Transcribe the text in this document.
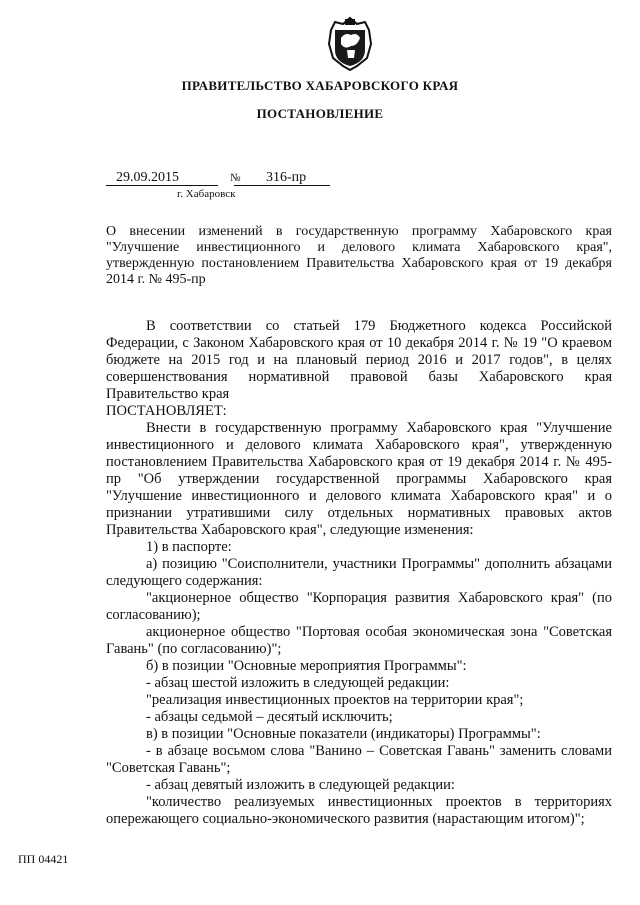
ПРАВИТЕЛЬСТВО ХАБАРОВСКОГО КРАЯ
ПОСТАНОВЛЕНИЕ
29.09.2015	№ 316-пр
г. Хабаровск
О внесении изменений в государственную программу Хабаровского края "Улучшение инвестиционного и делового климата Хабаровского края", утвержденную постановлением Правительства Хабаровского края от 19 декабря 2014 г. № 495-пр

В соответствии со статьей 179 Бюджетного кодекса Российской Федерации, с Законом Хабаровского края от 10 декабря 2014 г. № 19 "О краевом бюджете на 2015 год и на плановый период 2016 и 2017 годов", в целях совершенствования нормативной правовой базы Хабаровского края Правительство края

ПОСТАНОВЛЯЕТ:

Внести в государственную программу Хабаровского края "Улучшение инвестиционного и делового климата Хабаровского края", утвержденную постановлением Правительства Хабаровского края от 19 декабря 2014 г. № 495-пр "Об утверждении государственной программы Хабаровского края "Улучшение инвестиционного и делового климата Хабаровского края" и о признании утратившими силу отдельных нормативных правовых актов Правительства Хабаровского края", следующие изменения:

1) в паспорте:

а) позицию "Соисполнители, участники Программы" дополнить абзацами следующего содержания:

"акционерное общество "Корпорация развития Хабаровского края" (по согласованию);

акционерное общество "Портовая особая экономическая зона "Советская Гавань" (по согласованию)";

б) в позиции "Основные мероприятия Программы":

- абзац шестой изложить в следующей редакции:

"реализация инвестиционных проектов на территории края";

- абзацы седьмой – десятый исключить;

в) в позиции "Основные показатели (индикаторы) Программы":

- в абзаце восьмом слова "Ванино – Советская Гавань" заменить словами "Советская Гавань";

- абзац девятый изложить в следующей редакции:

"количество реализуемых инвестиционных проектов в территориях опережающего социально-экономического развития (нарастающим итогом)";

ПП 04421
